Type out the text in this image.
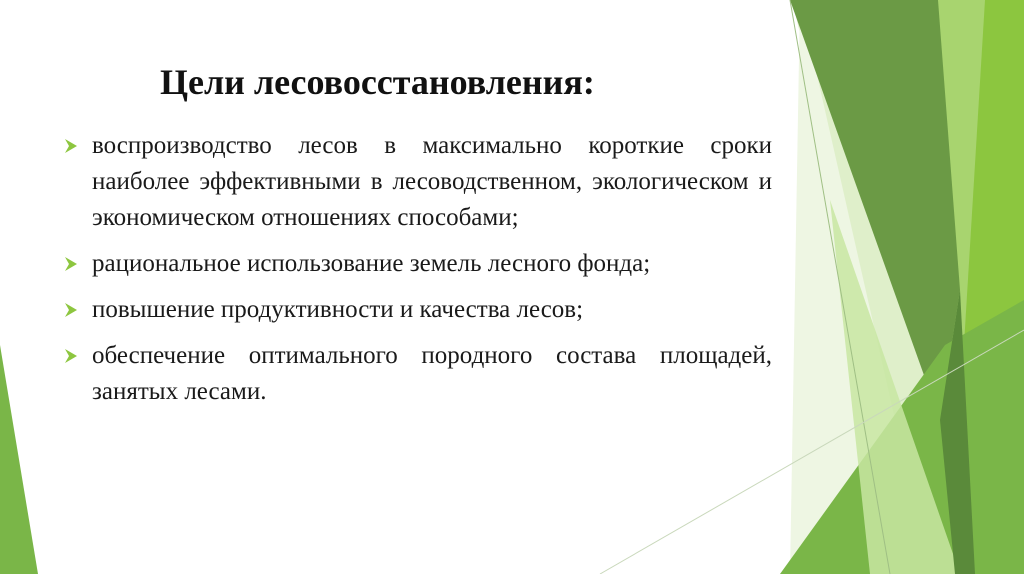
Цели лесовосстановления:
воспроизводство лесов в максимально короткие сроки наиболее эффективными в лесоводственном, экологическом и экономическом отношениях способами;
рациональное использование земель лесного фонда;
повышение продуктивности и качества лесов;
обеспечение оптимального породного состава площадей, занятых лесами.
